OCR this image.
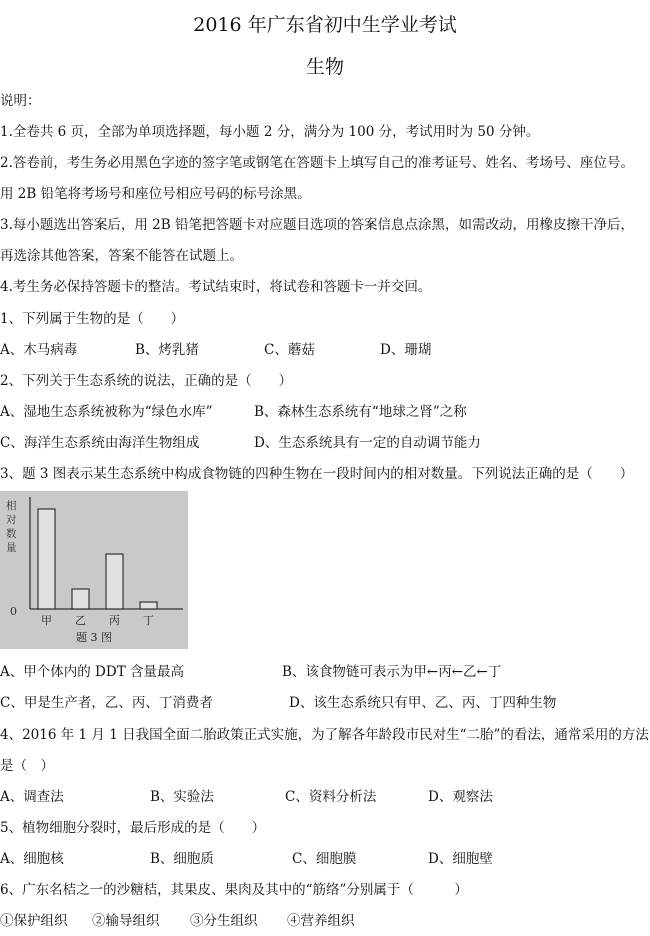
2016 年广东省初中生学业考试
生物
说明：
1.全卷共 6 页，全部为单项选择题，每小题 2 分，满分为 100 分，考试用时为 50 分钟。
2.答卷前，考生务必用黑色字迹的签字笔或钢笔在答题卡上填写自己的准考证号、姓名、考场号、座位号。
用 2B 铅笔将考场号和座位号相应号码的标号涂黑。
3.每小题选出答案后，用 2B 铅笔把答题卡对应题目选项的答案信息点涂黑，如需改动，用橡皮擦干净后，
再选涂其他答案，答案不能答在试题上。
4.考生务必保持答题卡的整洁。考试结束时，将试卷和答题卡一并交回。
1、下列属于生物的是（　　）
A、木马病毒	B、烤乳猪	C、蘑菇	D、珊瑚
2、下列关于生态系统的说法，正确的是（　　）
A、湿地生态系统被称为“绿色水库”	B、森林生态系统有“地球之肾”之称
C、海洋生态系统由海洋生物组成	D、生态系统具有一定的自动调节能力
3、题 3 图表示某生态系统中构成食物链的四种生物在一段时间内的相对数量。下列说法正确的是（　　）
相
对
数
量
0
甲 乙 丙 丁
题 3 图
A、甲个体内的 DDT 含量最高	B、该食物链可表示为甲←丙←乙←丁
C、甲是生产者，乙、丙、丁消费者	D、该生态系统只有甲、乙、丙、丁四种生物
4、2016 年 1 月 1 日我国全面二胎政策正式实施，为了解各年龄段市民对生“二胎”的看法，通常采用的方法
是（　）
A、调查法	B、实验法	C、资料分析法	D、观察法
5、植物细胞分裂时，最后形成的是（　　）
A、细胞核	B、细胞质	C、细胞膜	D、细胞壁
6、广东名桔之一的沙糖桔，其果皮、果肉及其中的“筋络”分别属于（　　　）
①保护组织 ②输导组织 ③分生组织 ④营养组织
